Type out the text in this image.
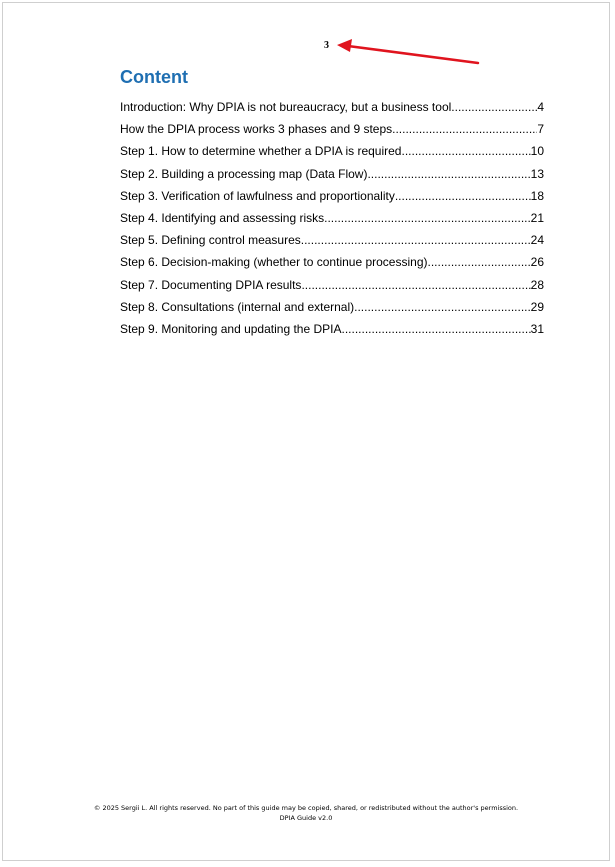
3
Content
Introduction: Why DPIA is not bureaucracy, but a business tool .....	4
How the DPIA process works 3 phases and 9 steps .....	7
Step 1. How to determine whether a DPIA is required .....	10
Step 2. Building a processing map (Data Flow) .....	13
Step 3. Verification of lawfulness and proportionality .....	18
Step 4. Identifying and assessing risks .....	21
Step 5. Defining control measures .....	24
Step 6. Decision-making (whether to continue processing) .....	26
Step 7. Documenting DPIA results .....	28
Step 8. Consultations (internal and external) .....	29
Step 9. Monitoring and updating the DPIA .....	31
© 2025 Sergii L. All rights reserved. No part of this guide may be copied, shared, or redistributed without the author's permission.
DPIA Guide v2.0
